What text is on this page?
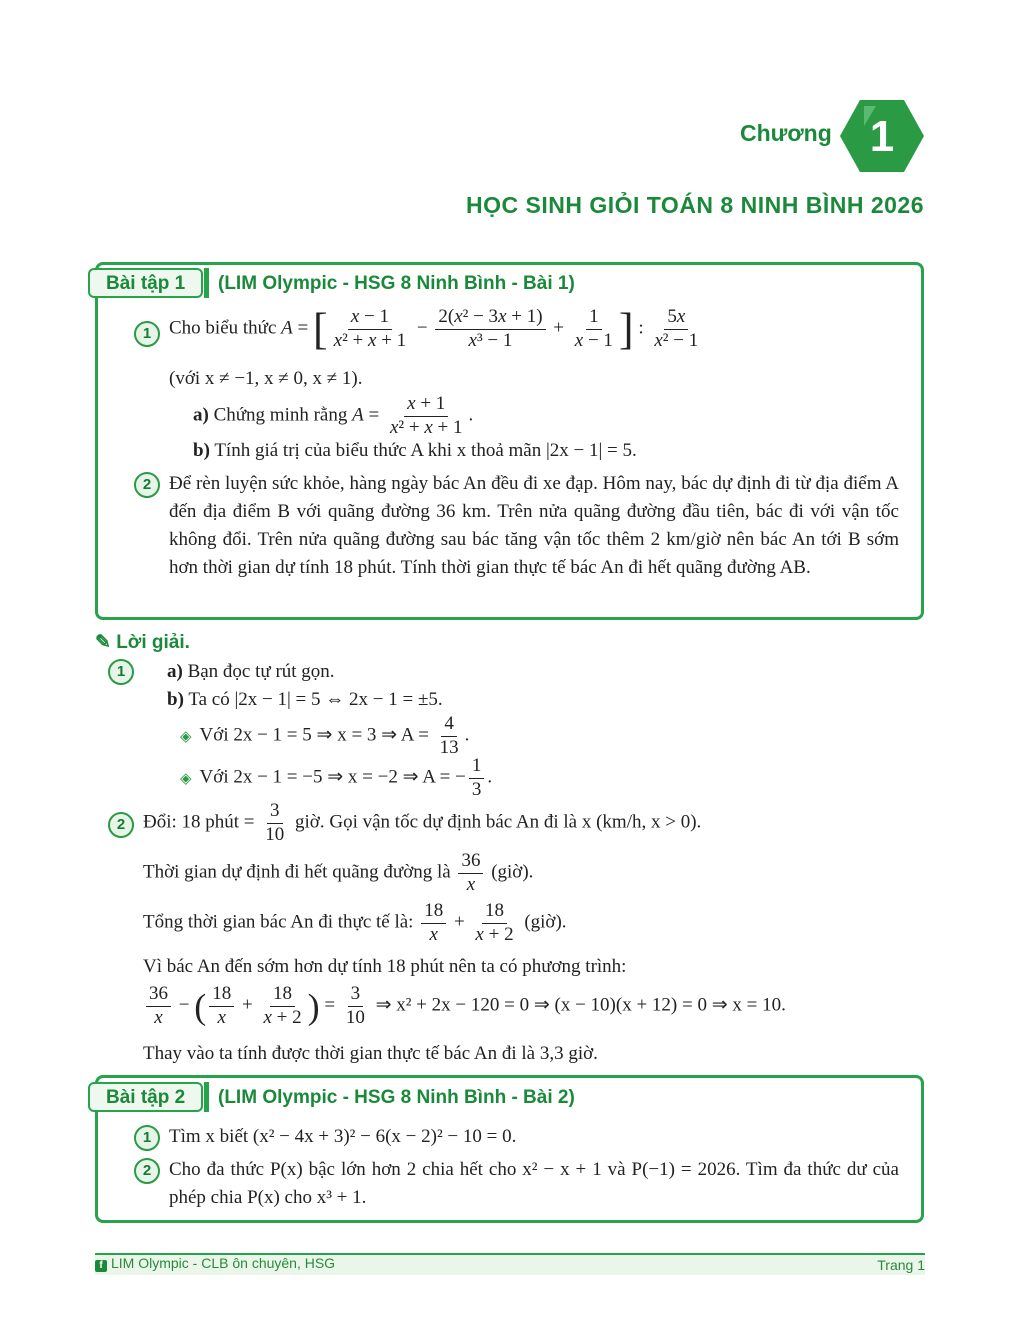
Chương 1
HỌC SINH GIỎI TOÁN 8 NINH BÌNH 2026
Bài tập 1	(LIM Olympic - HSG 8 Ninh Bình - Bài 1)
1 Cho biểu thức A = [ $\frac{x - 1}{\text{x² + x + 1}} - \frac{\text{2(x² − 3x + 1)}}{\text{x³ − 1}} + \frac{1}{x - 1}$ ] : $\frac{5x}{\text{x² − 1}}$
(với x ≠ −1, x ≠ 0, x ≠ 1).
a) Chứng minh rằng $A = \frac{x + 1}{\text{x² + x + 1}}$ .
b) Tính giá trị của biểu thức A khi x thoả mãn |2x − 1| = 5.
2 Để rèn luyện sức khỏe, hàng ngày bác An đều đi xe đạp. Hôm nay, bác dự định đi từ địa điểm A đến địa điểm B với quãng đường 36 km. Trên nửa quãng đường đầu tiên, bác đi với vận tốc không đổi. Trên nửa quãng đường sau bác tăng vận tốc thêm 2 km/giờ nên bác An tới B sớm hơn thời gian dự tính 18 phút. Tính thời gian thực tế bác An đi hết quãng đường AB.
✎ Lời giải.
1	a) Bạn đọc tự rút gọn.
b) Ta có |2x − 1| = 5 ⇔ 2x − 1 = ±5.
◈ Với 2x − 1 = 5 ⇒ x = 3 ⇒ $A = \frac{4}{13}$ .
◈ Với 2x − 1 = −5 ⇒ x = −2 ⇒ A = − $\frac{1}{3}$ .
2 Đổi: 18 phút = $\frac{3}{10}$ giờ. Gọi vận tốc dự định bác An đi là x (km/h, x > 0).
Thời gian dự định đi hết quãng đường là $\frac{36}{x}$ (giờ).
Tổng thời gian bác An đi thực tế là: $\frac{18}{x} + \frac{18}{x + 2}$ (giờ).
Vì bác An đến sớm hơn dự tính 18 phút nên ta có phương trình:
$\frac{36}{x}$ − ( $\frac{18}{x} + \frac{18}{x + 2}$ ) = $\frac{3}{10}$ ⇒ x² + 2x − 120 = 0 ⇒ (x − 10)(x + 12) = 0 ⇒ x = 10.
Thay vào ta tính được thời gian thực tế bác An đi là 3,3 giờ.
Bài tập 2	(LIM Olympic - HSG 8 Ninh Bình - Bài 2)
1 Tìm x biết (x² − 4x + 3)² − 6(x − 2)² − 10 = 0.
2 Cho đa thức P(x) bậc lớn hơn 2 chia hết cho x² − x + 1 và P(−1) = 2026. Tìm đa thức dư của phép chia P(x) cho x³ + 1.
f LIM Olympic - CLB ôn chuyên, HSG	Trang 1
